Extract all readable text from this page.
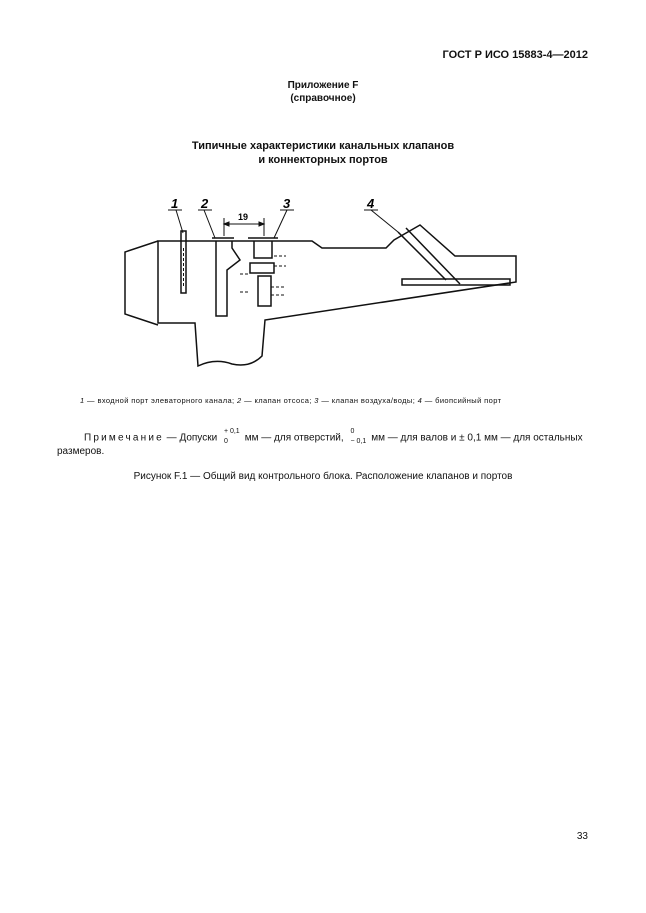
ГОСТ Р ИСО 15883-4—2012
Приложение F
(справочное)
Типичные характеристики канальных клапанов
и коннекторных портов
19
1 2	3	4
1 — входной порт элеваторного канала; 2 — клапан отсоса; 3 — клапан воздуха/воды; 4 — биопсийный порт
Примечание — Допуски
+ 0,1
0 мм — для отверстий,
0
− 0,1 мм — для валов и ± 0,1 мм — для остальных
размеров.
Рисунок F.1 — Общий вид контрольного блока. Расположение клапанов и портов
33
